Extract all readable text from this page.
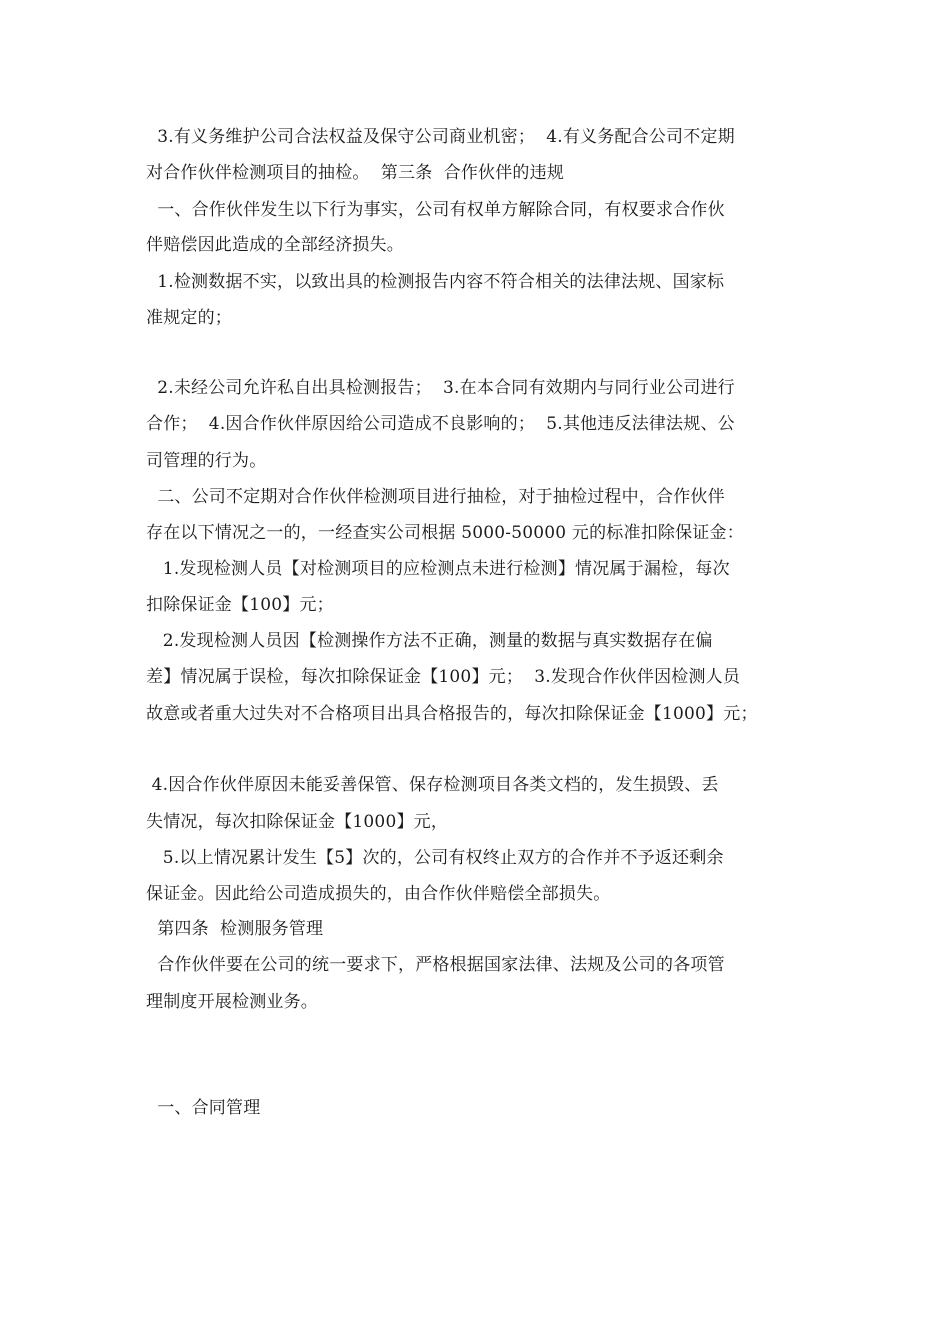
3.有义务维护公司合法权益及保守公司商业机密；  4.有义务配合公司不定期
对合作伙伴检测项目的抽检。  第三条  合作伙伴的违规
一、合作伙伴发生以下行为事实，公司有权单方解除合同，有权要求合作伙
伴赔偿因此造成的全部经济损失。
1.检测数据不实，以致出具的检测报告内容不符合相关的法律法规、国家标
准规定的；
2.未经公司允许私自出具检测报告；  3.在本合同有效期内与同行业公司进行
合作；  4.因合作伙伴原因给公司造成不良影响的；  5.其他违反法律法规、公
司管理的行为。
二、公司不定期对合作伙伴检测项目进行抽检，对于抽检过程中，合作伙伴
存在以下情况之一的，一经查实公司根据 5000-50000 元的标准扣除保证金：
1.发现检测人员【对检测项目的应检测点未进行检测】情况属于漏检，每次
扣除保证金【100】元；
2.发现检测人员因【检测操作方法不正确，测量的数据与真实数据存在偏
差】情况属于误检，每次扣除保证金【100】元；  3.发现合作伙伴因检测人员
故意或者重大过失对不合格项目出具合格报告的，每次扣除保证金【1000】元；
4.因合作伙伴原因未能妥善保管、保存检测项目各类文档的，发生损毁、丢
失情况，每次扣除保证金【1000】元，
5.以上情况累计发生【5】次的，公司有权终止双方的合作并不予返还剩余
保证金。因此给公司造成损失的，由合作伙伴赔偿全部损失。
第四条  检测服务管理
合作伙伴要在公司的统一要求下，严格根据国家法律、法规及公司的各项管
理制度开展检测业务。
一、合同管理
